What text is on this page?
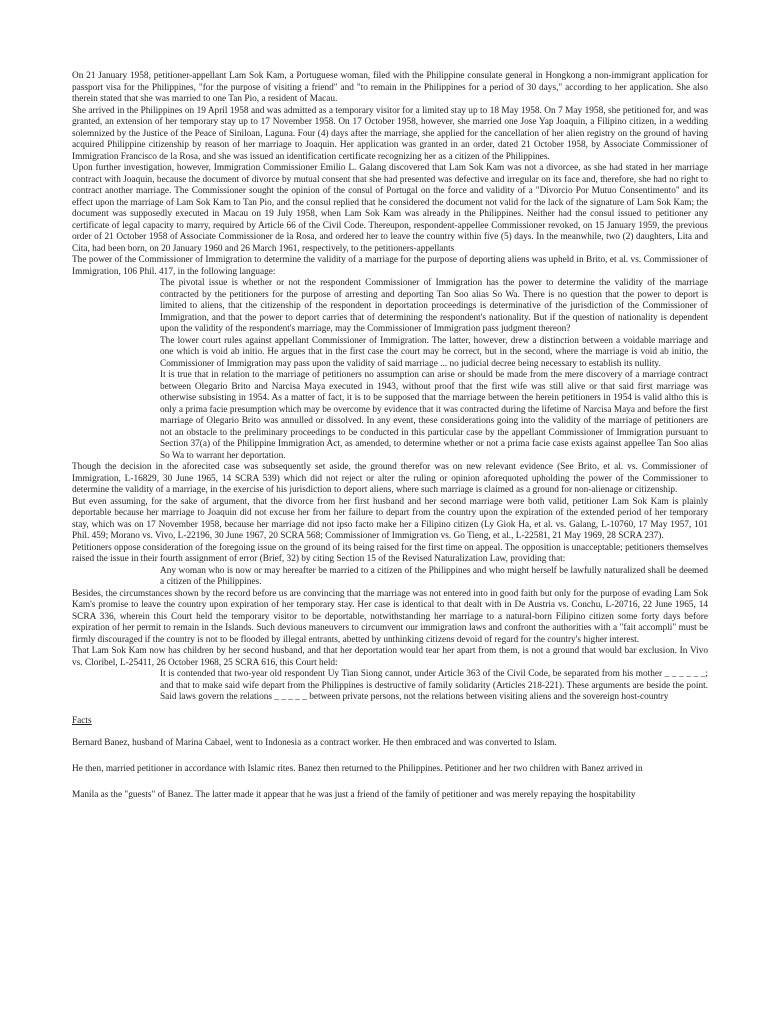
On 21 January 1958, petitioner-appellant Lam Sok Kam, a Portuguese woman, filed with the Philippine consulate general in Hongkong a non-immigrant application for passport visa for the Philippines, "for the purpose of visiting a friend" and "to remain in the Philippines for a period of 30 days," according to her application. She also therein stated that she was married to one Tan Pio, a resident of Macau.

She arrived in the Philippines on 19 April 1958 and was admitted as a temporary visitor for a limited stay up to 18 May 1958. On 7 May 1958, she petitioned for, and was granted, an extension of her temporary stay up to 17 November 1958. On 17 October 1958, however, she married one Jose Yap Joaquin, a Filipino citizen, in a wedding solemnized by the Justice of the Peace of Siniloan, Laguna. Four (4) days after the marriage, she applied for the cancellation of her alien registry on the ground of having acquired Philippine citizenship by reason of her marriage to Joaquin. Her application was granted in an order, dated 21 October 1958, by Associate Commissioner of Immigration Francisco de la Rosa, and she was issued an identification certificate recognizing her as a citizen of the Philippines.

Upon further investigation, however, Immigration Commissioner Emilio L. Galang discovered that Lam Sok Kam was not a divorcee, as she had stated in her marriage contract with Joaquin, because the document of divorce by mutual consent that she had presented was defective and irregular on its face and, therefore, she had no right to contract another marriage. The Commissioner sought the opinion of the consul of Portugal on the force and validity of a "Divorcio Por Mutuo Consentimento" and its effect upon the marriage of Lam Sok Kam to Tan Pio, and the consul replied that he considered the document not valid for the lack of the signature of Lam Sok Kam; the document was supposedly executed in Macau on 19 July 1958, when Lam Sok Kam was already in the Philippines. Neither had the consul issued to petitioner any certificate of legal capacity to marry, required by Article 66 of the Civil Code. Thereupon, respondent-appellee Commissioner revoked, on 15 January 1959, the previous order of 21 October 1958 of Associate Commissioner de la Rosa, and ordered her to leave the country within five (5) days. In the meanwhile, two (2) daughters, Lita and Cita, had been born, on 20 January 1960 and 26 March 1961, respectively, to the petitioners-appellants

The power of the Commissioner of Immigration to determine the validity of a marriage for the purpose of deporting aliens was upheld in Brito, et al. vs. Commissioner of Immigration, 106 Phil. 417, in the following language:

The pivotal issue is whether or not the respondent Commissioner of Immigration has the power to determine the validity of the marriage contracted by the petitioners for the purpose of arresting and deporting Tan Soo alias So Wa. There is no question that the power to deport is limited to aliens, that the citizenship of the respondent in deportation proceedings is determinative of the jurisdiction of the Commissioner of Immigration, and that the power to deport carries that of determining the respondent's nationality. But if the question of nationality is dependent upon the validity of the respondent's marriage, may the Commissioner of Immigration pass judgment thereon?

The lower court rules against appellant Commissioner of Immigration. The latter, however, drew a distinction between a voidable marriage and one which is void ab initio. He argues that in the first case the court may be correct, but in the second, where the marriage is void ab initio, the Commissioner of Immigration may pass upon the validity of said marriage ... no judicial decree being necessary to establish its nullity.

It is true that in relation to the marriage of petitioners no assumption can arise or should be made from the mere discovery of a marriage contract between Olegario Brito and Narcisa Maya executed in 1943, without proof that the first wife was still alive or that said first marriage was otherwise subsisting in 1954. As a matter of fact, it is to be supposed that the marriage between the herein petitioners in 1954 is valid altho this is only a prima facie presumption which may be overcome by evidence that it was contracted during the lifetime of Narcisa Maya and before the first marriage of Olegario Brito was annulled or dissolved. In any event, these considerations going into the validity of the marriage of petitioners are not an obstacle to the preliminary proceedings to be conducted in this particular case by the appellant Commissioner of Immigration pursuant to Section 37(a) of the Philippine Immigration Act, as amended, to determine whether or not a prima facie case exists against appellee Tan Soo alias So Wa to warrant her deportation.

Though the decision in the aforecited case was subsequently set aside, the ground therefor was on new relevant evidence (See Brito, et al. vs. Commissioner of Immigration, L-16829, 30 June 1965, 14 SCRA 539) which did not reject or alter the ruling or opinion aforequoted upholding the power of the Commissioner to determine the validity of a marriage, in the exercise of his jurisdiction to deport aliens, where such marriage is claimed as a ground for non-alienage or citizenship.

But even assuming, for the sake of argument, that the divorce from her first husband and her second marriage were both valid, petitioner Lam Sok Kam is plainly deportable because her marriage to Joaquin did not excuse her from her failure to depart from the country upon the expiration of the extended period of her temporary stay, which was on 17 November 1958, because her marriage did not ipso facto make her a Filipino citizen (Ly Giok Ha, et al. vs. Galang, L-10760, 17 May 1957, 101 Phil. 459; Morano vs. Vivo, L-22196, 30 June 1967, 20 SCRA 568; Commissioner of Immigration vs. Go Tieng, et al., L-22581, 21 May 1969, 28 SCRA 237).

Petitioners oppose consideration of the foregoing issue on the ground of its being raised for the first time on appeal. The opposition is unacceptable; petitioners themselves raised the issue in their fourth assignment of error (Brief, 32) by citing Section 15 of the Revised Naturalization Law, providing that:

Any woman who is now or may hereafter be married to a citizen of the Philippines and who might herself be lawfully naturalized shall be deemed a citizen of the Philippines.

Besides, the circumstances shown by the record before us are convincing that the marriage was not entered into in good faith but only for the purpose of evading Lam Sok Kam's promise to leave the country upon expiration of her temporary stay. Her case is identical to that dealt with in De Austria vs. Conchu, L-20716, 22 June 1965, 14 SCRA 336, wherein this Court held the temporary visitor to be deportable, notwithstanding her marriage to a natural-born Filipino citizen some forty days before expiration of her permit to remain in the Islands. Such devious maneuvers to circumvent our immigration laws and confront the authorities with a "fait accompli" must be firmly discouraged if the country is not to be flooded by illegal entrants, abetted by unthinking citizens devoid of regard for the country's higher interest.

That Lam Sok Kam now has children by her second husband, and that her deportation would tear her apart from them, is not a ground that would bar exclusion. In Vivo vs. Cloribel, L-25411, 26 October 1968, 25 SCRA 616, this Court held:

It is contended that two-year old respondent Uy Tian Siong cannot, under Article 363 of the Civil Code, be separated from his mother _ _ _ _ _ _; and that to make said wife depart from the Philippines is destructive of family solidarity (Articles 218-221). These arguments are beside the point. Said laws govern the relations _ _ _ _ _ between private persons, not the relations between visiting aliens and the sovereign host-country

Facts

Bernard Banez, husband of Marina Cabael, went to Indonesia as a contract worker. He then embraced and was converted to Islam.

He then, married petitioner in accordance with Islamic rites. Banez then returned to the Philippines. Petitioner and her two children with Banez arrived in

Manila as the "guests" of Banez. The latter made it appear that he was just a friend of the family of petitioner and was merely repaying the hospitability
